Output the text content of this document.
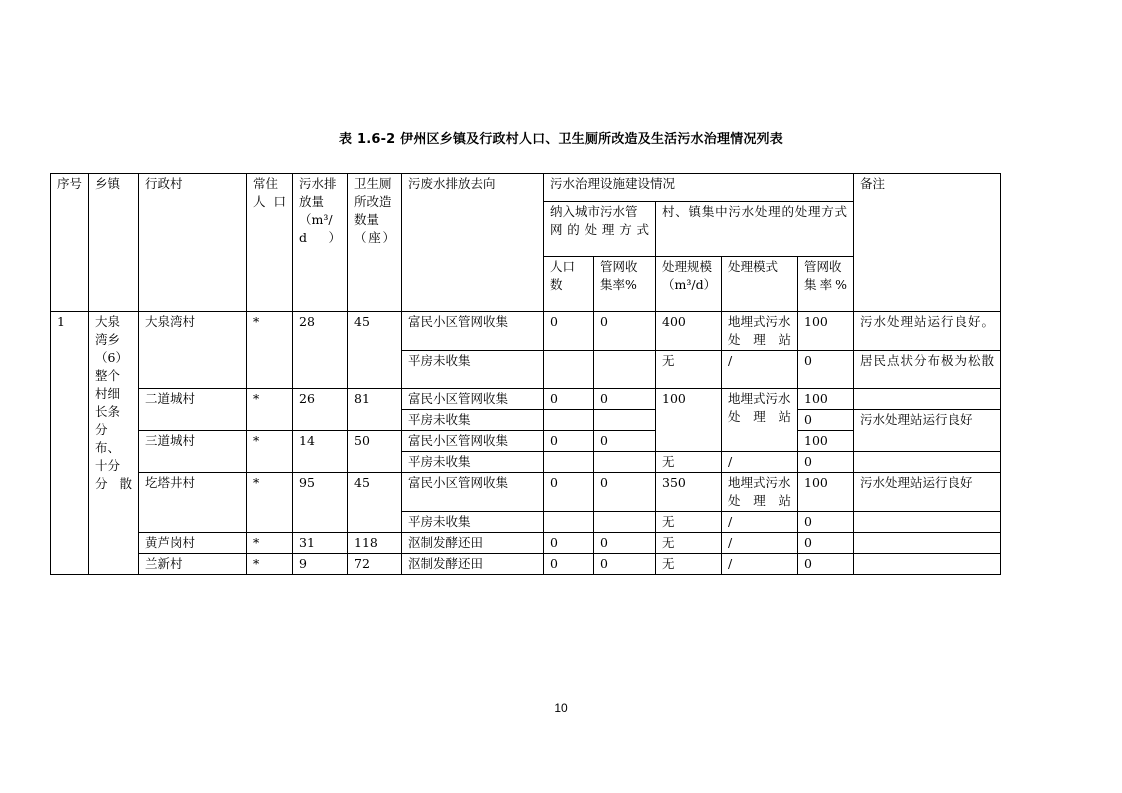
表 1.6-2 伊州区乡镇及行政村人口、卫生厕所改造及生活污水治理情况列表
序号	乡镇	行政村	常住人口	污水排放量（m³/d）	卫生厕所改造数量（座）	污废水排放去向	污水治理设施建设情况					备注
							纳入城市污水管网的处理方式		村、镇集中污水处理的处理方式			
							人口数	管网收集率%	处理规模（m³/d）	处理模式	管网收集率%	
1	大泉湾乡（6）整个村细长条分布、十分分散	大泉湾村	*	28	45	富民小区管网收集	0	0	400	地埋式污水处理站	100	污水处理站运行良好。
						平房未收集			无	/	0	居民点状分布极为松散
		二道城村	*	26	81	富民小区管网收集	0	0	100	地埋式污水处理站	100	
						平房未收集					0	污水处理站运行良好
		三道城村	*	14	50	富民小区管网收集	0	0			100	
						平房未收集			无	/	0	
		圪塔井村	*	95	45	富民小区管网收集	0	0	350	地埋式污水处理站	100	污水处理站运行良好
						平房未收集			无	/	0	
		黄芦岗村	*	31	118	沤制发酵还田	0	0	无	/	0	
		兰新村	*	9	72	沤制发酵还田	0	0	无	/	0	
10
